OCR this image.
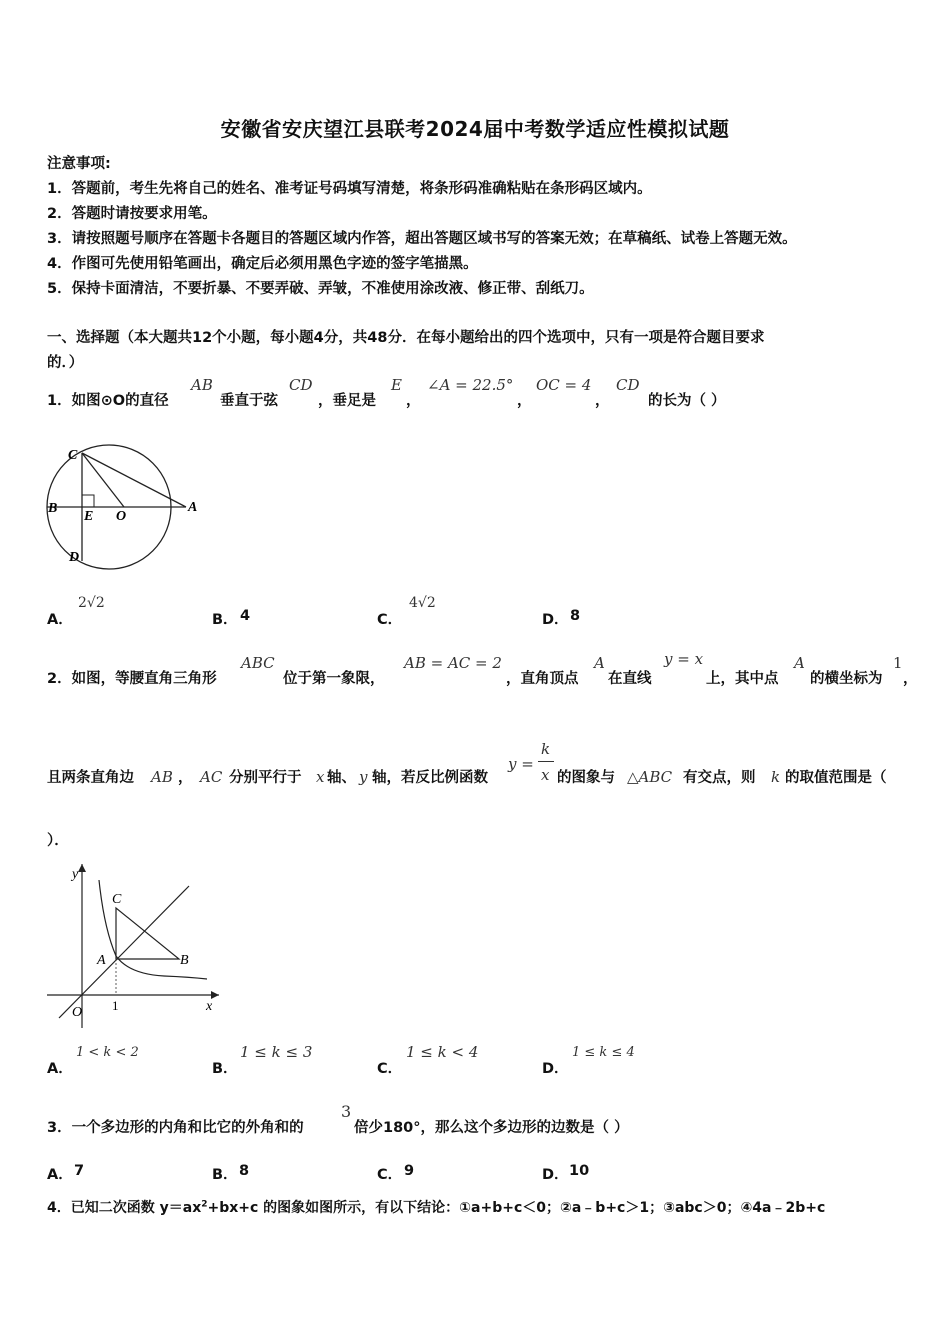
安徽省安庆望江县联考2024届中考数学适应性模拟试题
注意事项:
1．答题前，考生先将自己的姓名、准考证号码填写清楚，将条形码准确粘贴在条形码区域内。
2．答题时请按要求用笔。
3．请按照题号顺序在答题卡各题目的答题区域内作答，超出答题区域书写的答案无效；在草稿纸、试卷上答题无效。
4．作图可先使用铅笔画出，确定后必须用黑色字迹的签字笔描黑。
5．保持卡面清洁，不要折暴、不要弄破、弄皱，不准使用涂改液、修正带、刮纸刀。
一、选择题（本大题共12个小题，每小题4分，共48分．在每小题给出的四个选项中，只有一项是符合题目要求
的．）
1．如图⊙O的直径
AB
垂直于弦
CD
，垂足是
E
，
∠A = 22.5°
，
OC = 4
，
CD
的长为（ ）
C
B
E O
A
D
A．
2√2
B． 4	C．
4√2
D． 8
2．如图，等腰直角三角形
ABC
位于第一象限，
AB = AC = 2
，直角顶点
A
在直线
y = x
上，其中点
A
的横坐标为
1
，
且两条直角边 AB ， AC 分别平行于 x 轴、 y 轴，若反比例函数
y =
k
x 的图象与 △ABC 有交点，则 k 的取值范围是（
）．
y
C
A	B
O 1	x
A．
1 < k < 2
B．
1 ≤ k ≤ 3
C．
1 ≤ k < 4
D．
1 ≤ k ≤ 4
3．一个多边形的内角和比它的外角和的
3
倍少180°，那么这个多边形的边数是（ ）
A． 7	B． 8	C． 9	D． 10
4．已知二次函数 $y=ax^2+bx+c$ 的图象如图所示，有以下结论：①a+b+c＜0；②a﹣b+c＞1；③abc＞0；④4a﹣2b+c
